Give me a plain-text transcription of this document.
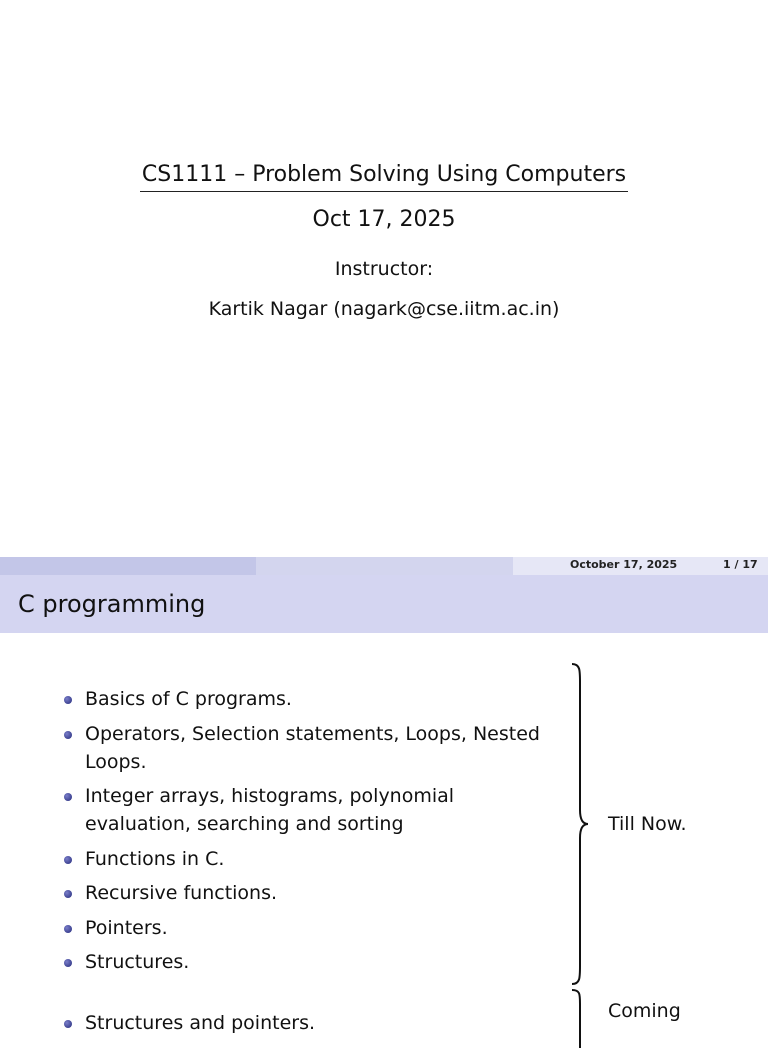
CS1111 – Problem Solving Using Computers
Oct 17, 2025
Instructor:
Kartik Nagar (nagark@cse.iitm.ac.in)
October 17, 2025	1 / 17
C programming
Basics of C programs.
Operators, Selection statements, Loops, Nested Loops.
Integer arrays, histograms, polynomial evaluation, searching and sorting
Functions in C.
Recursive functions.
Pointers.
Structures.
Till Now.
Coming
Structures and pointers.
